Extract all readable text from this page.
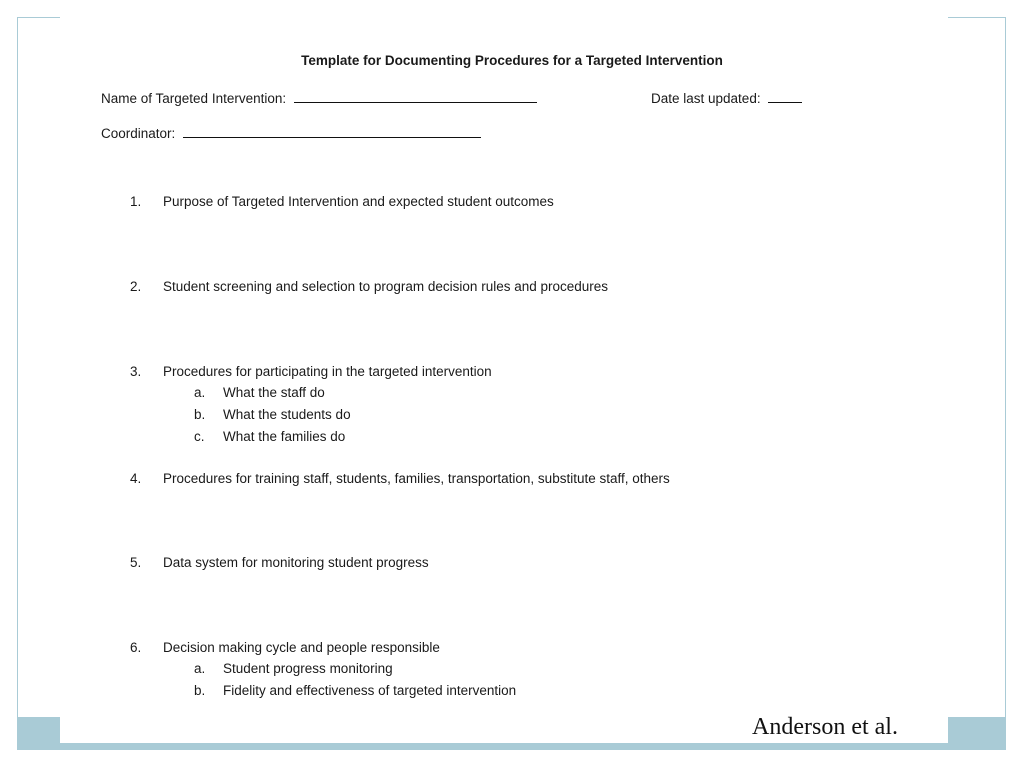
Template for Documenting Procedures for a Targeted Intervention
Name of Targeted Intervention:	Date last updated:
Coordinator:
1. Purpose of Targeted Intervention and expected student outcomes
2. Student screening and selection to program decision rules and procedures
3. Procedures for participating in the targeted intervention
a. What the staff do
b. What the students do
c. What the families do
4. Procedures for training staff, students, families, transportation, substitute staff, others
5. Data system for monitoring student progress
6. Decision making cycle and people responsible
a. Student progress monitoring
b. Fidelity and effectiveness of targeted intervention
Anderson et al.
